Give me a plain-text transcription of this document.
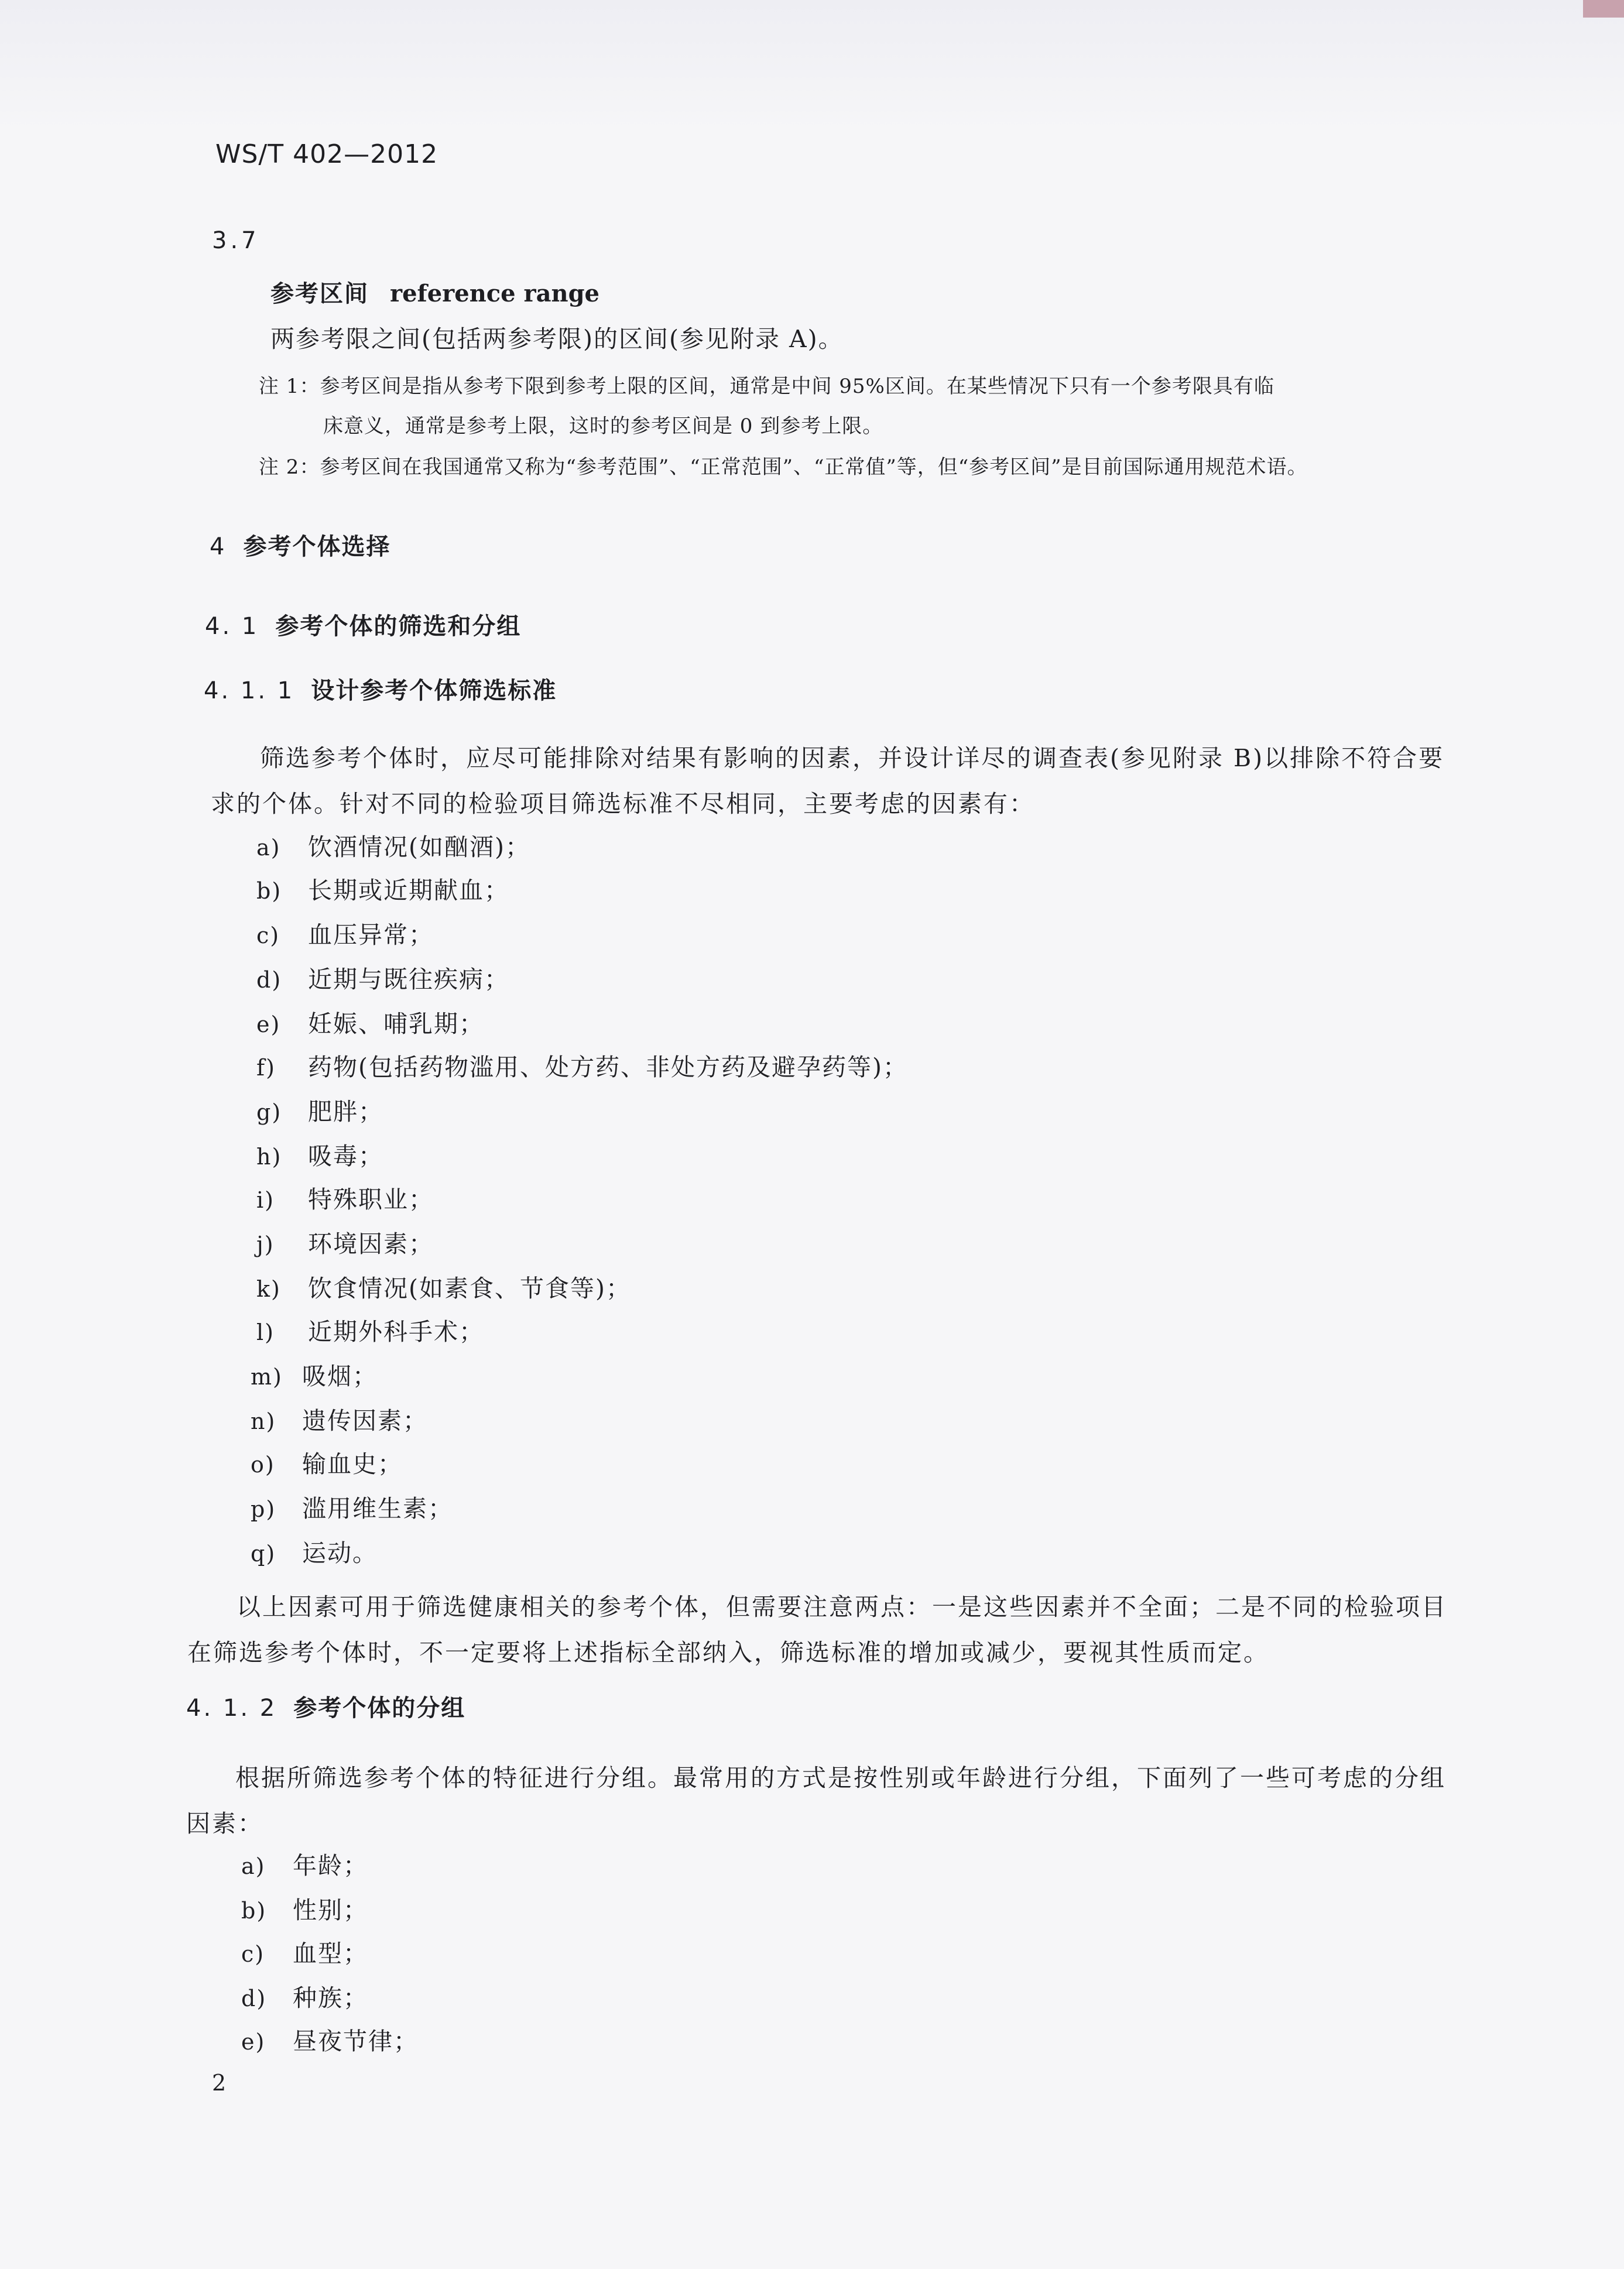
WS/T 402—2012
3.7
参考区间 reference range
两参考限之间(包括两参考限)的区间(参见附录 A)。
注 1：参考区间是指从参考下限到参考上限的区间，通常是中间 95%区间。在某些情况下只有一个参考限具有临
床意义，通常是参考上限，这时的参考区间是 0 到参考上限。
注 2：参考区间在我国通常又称为“参考范围”、“正常范围”、“正常值”等，但“参考区间”是目前国际通用规范术语。
4 参考个体选择
4. 1 参考个体的筛选和分组
4. 1. 1 设计参考个体筛选标准
筛选参考个体时，应尽可能排除对结果有影响的因素，并设计详尽的调查表(参见附录 B)以排除不符合要求的个体。针对不同的检验项目筛选标准不尽相同，主要考虑的因素有：
a) 饮酒情况(如酗酒)；
b) 长期或近期献血；
c) 血压异常；
d) 近期与既往疾病；
e) 妊娠、哺乳期；
f) 药物(包括药物滥用、处方药、非处方药及避孕药等)；
g) 肥胖；
h) 吸毒；
i) 特殊职业；
j) 环境因素；
k) 饮食情况(如素食、节食等)；
l) 近期外科手术；
m) 吸烟；
n) 遗传因素；
o) 输血史；
p) 滥用维生素；
q) 运动。
以上因素可用于筛选健康相关的参考个体，但需要注意两点：一是这些因素并不全面；二是不同的检验项目在筛选参考个体时，不一定要将上述指标全部纳入，筛选标准的增加或减少，要视其性质而定。
4. 1. 2 参考个体的分组
根据所筛选参考个体的特征进行分组。最常用的方式是按性别或年龄进行分组，下面列了一些可考虑的分组因素：
a) 年龄；
b) 性别；
c) 血型；
d) 种族；
e) 昼夜节律；
2
